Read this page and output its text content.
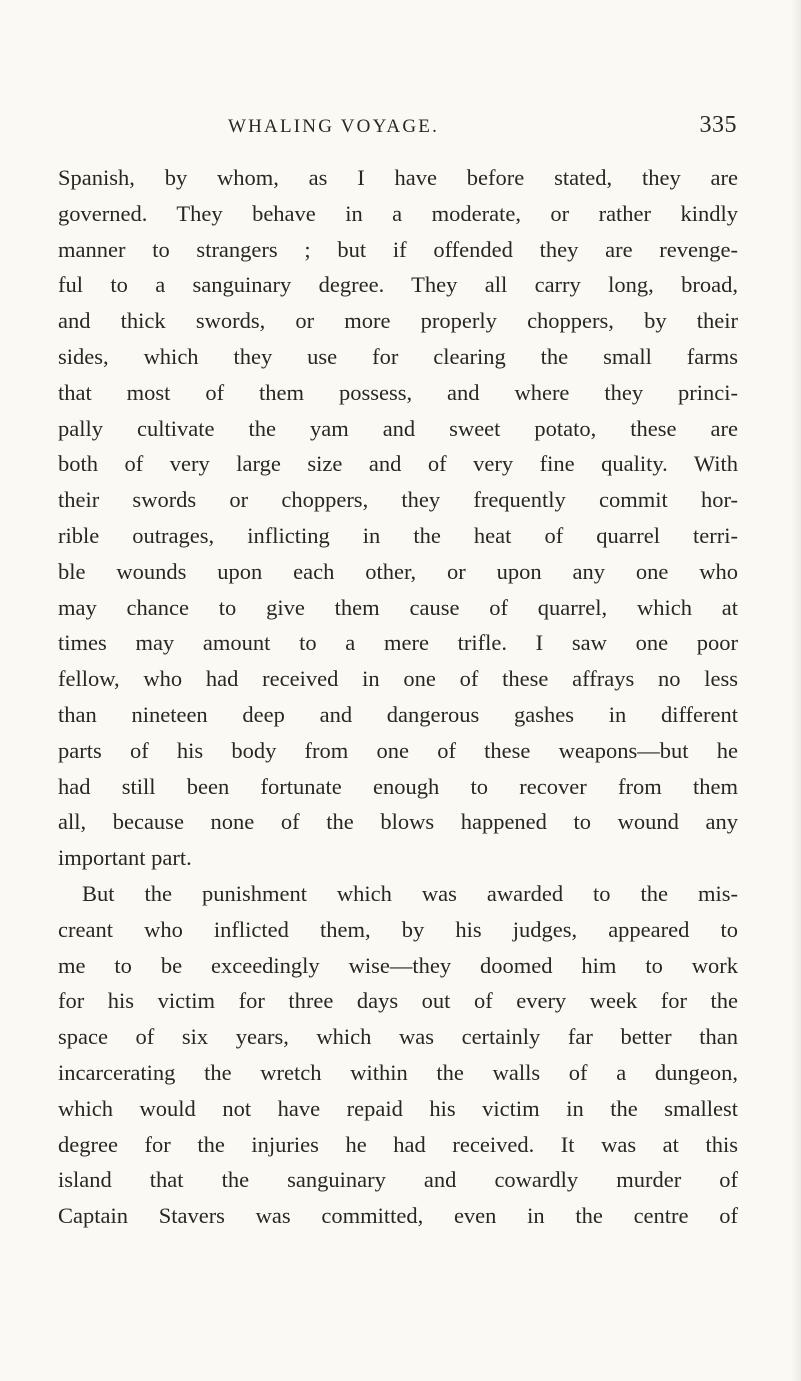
WHALING VOYAGE.	335
Spanish, by whom, as I have before stated, they are
governed. They behave in a moderate, or rather kindly
manner to strangers ; but if offended they are revenge-
ful to a sanguinary degree. They all carry long, broad,
and thick swords, or more properly choppers, by their
sides, which they use for clearing the small farms
that most of them possess, and where they princi-
pally cultivate the yam and sweet potato, these are
both of very large size and of very fine quality. With
their swords or choppers, they frequently commit hor-
rible outrages, inflicting in the heat of quarrel terri-
ble wounds upon each other, or upon any one who
may chance to give them cause of quarrel, which at
times may amount to a mere trifle. I saw one poor
fellow, who had received in one of these affrays no less
than nineteen deep and dangerous gashes in different
parts of his body from one of these weapons—but he
had still been fortunate enough to recover from them
all, because none of the blows happened to wound any
important part.
But the punishment which was awarded to the mis-
creant who inflicted them, by his judges, appeared to
me to be exceedingly wise—they doomed him to work
for his victim for three days out of every week for the
space of six years, which was certainly far better than
incarcerating the wretch within the walls of a dungeon,
which would not have repaid his victim in the smallest
degree for the injuries he had received. It was at this
island that the sanguinary and cowardly murder of
Captain Stavers was committed, even in the centre of
